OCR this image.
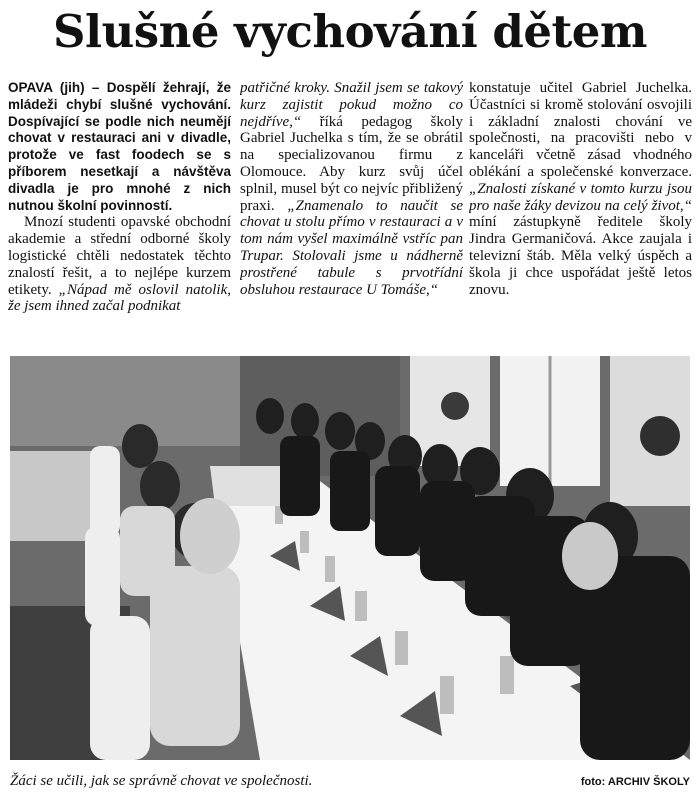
Slušné vychování dětem

OPAVA (jih) – Dospělí žehrají, že mládeži chybí slušné vychování. Dospívající se podle nich neumějí chovat v restauraci ani v divadle, protože ve fast foodech se s příborem nesetkají a návštěva divadla je pro mnohé z nich nutnou školní povinností.

Mnozí studenti opavské obchodní akademie a střední odborné školy logistické chtěli nedostatek těchto znalostí řešit, a to nejlépe kurzem etikety. „Nápad mě oslovil natolik, že jsem ihned začal podnikat

patřičné kroky. Snažil jsem se takový kurz zajistit pokud možno co nejdříve,“ říká pedagog školy Gabriel Juchelka s tím, že se obrátil na specializovanou firmu z Olomouce. Aby kurz svůj účel splnil, musel být co nejvíc přibližený praxi. „Znamenalo to naučit se chovat u stolu přímo v restauraci a v tom nám vyšel maximálně vstříc pan Trupar. Stolovali jsme u nádherně prostřené tabule s prvotřídní obsluhou restaurace U Tomáše,“

konstatuje učitel Gabriel Juchelka. Účastníci si kromě stolování osvojili i základní znalosti chování ve společnosti, na pracovišti nebo v kanceláři včetně zásad vhodného oblékání a společenské konverzace. „Znalosti získané v tomto kurzu jsou pro naše žáky devizou na celý život,“ míní zástupkyně ředitele školy Jindra Germaničová. Akce zaujala i televizní štáb. Měla velký úspěch a škola ji chce uspořádat ještě letos znovu.

Žáci se učili, jak se správně chovat ve společnosti.	foto: ARCHIV ŠKOLY
